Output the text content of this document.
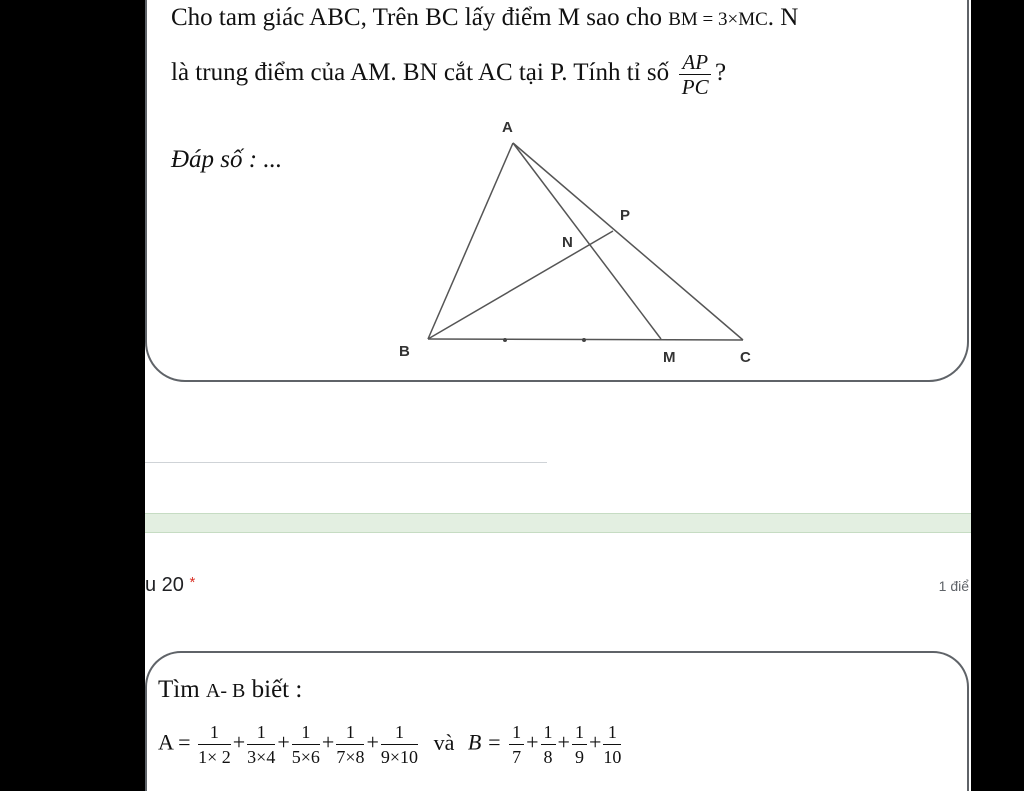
Cho tam giác ABC, Trên BC lấy điểm M sao cho BM = 3×MC. N
là trung điểm của AM. BN cắt AC tại P. Tính tỉ số $\frac{AP}{PC}$ ?
Đáp số : ...
A
B	C
M
N
P
u 20 *	1 điể
Tìm A- B biết :
$A = \frac{1}{1\times 2} + \frac{1}{3\times 4} + \frac{1}{5\times 6} + \frac{1}{7\times 8} + \frac{1}{9\times 10}$ và $B = \frac{1}{7} + \frac{1}{8} + \frac{1}{9} + \frac{1}{10}$
